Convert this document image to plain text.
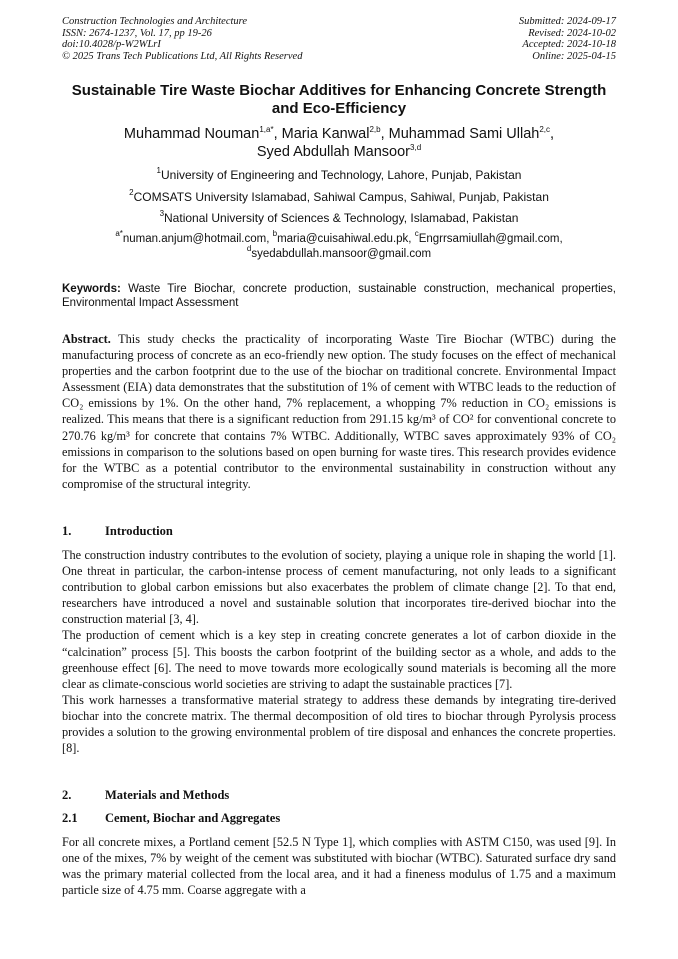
Construction Technologies and Architecture
ISSN: 2674-1237, Vol. 17, pp 19-26
doi:10.4028/p-W2WLrI
© 2025 Trans Tech Publications Ltd, All Rights Reserved
Submitted: 2024-09-17
Revised: 2024-10-02
Accepted: 2024-10-18
Online: 2025-04-15
Sustainable Tire Waste Biochar Additives for Enhancing Concrete Strength and Eco-Efficiency
Muhammad Nouman$^{1,a*}$, Maria Kanwal$^{2,b}$, Muhammad Sami Ullah$^{2,c}$,
Syed Abdullah Mansoor$^{3,d}$
$^1$University of Engineering and Technology, Lahore, Punjab, Pakistan
$^2$COMSATS University Islamabad, Sahiwal Campus, Sahiwal, Punjab, Pakistan
$^3$National University of Sciences & Technology, Islamabad, Pakistan
$^{a*}$numan.anjum@hotmail.com, $^b$maria@cuisahiwal.edu.pk, $^c$Engrrsamiullah@gmail.com,
$^d$syedabdullah.mansoor@gmail.com
Keywords: Waste Tire Biochar, concrete production, sustainable construction, mechanical properties, Environmental Impact Assessment
Abstract. This study checks the practicality of incorporating Waste Tire Biochar (WTBC) during the manufacturing process of concrete as an eco-friendly new option. The study focuses on the effect of mechanical properties and the carbon footprint due to the use of the biochar on traditional concrete. Environmental Impact Assessment (EIA) data demonstrates that the substitution of 1% of cement with WTBC leads to the reduction of CO₂ emissions by 1%. On the other hand, 7% replacement, a whopping 7% reduction in CO₂ emissions is realized. This means that there is a significant reduction from 291.15 kg/m³ of CO² for conventional concrete to 270.76 kg/m³ for concrete that contains 7% WTBC. Additionally, WTBC saves approximately 93% of CO₂ emissions in comparison to the solutions based on open burning for waste tires. This research provides evidence for the WTBC as a potential contributor to the environmental sustainability in construction without any compromise of the structural integrity.
1.	Introduction

The construction industry contributes to the evolution of society, playing a unique role in shaping the world [1]. One threat in particular, the carbon-intense process of cement manufacturing, not only leads to a significant contribution to global carbon emissions but also exacerbates the problem of climate change [2]. To that end, researchers have introduced a novel and sustainable solution that incorporates tire-derived biochar into the construction material [3, 4].

The production of cement which is a key step in creating concrete generates a lot of carbon dioxide in the “calcination” process [5]. This boosts the carbon footprint of the building sector as a whole, and adds to the greenhouse effect [6]. The need to move towards more ecologically sound materials is becoming all the more clear as climate-conscious world societies are striving to adapt the sustainable practices [7].

This work harnesses a transformative material strategy to address these demands by integrating tire-derived biochar into the concrete matrix. The thermal decomposition of old tires to biochar through Pyrolysis process provides a solution to the growing environmental problem of tire disposal and enhances the concrete properties. [8].

2.	Materials and Methods
2.1 Cement, Biochar and Aggregates

For all concrete mixes, a Portland cement [52.5 N Type 1], which complies with ASTM C150, was used [9]. In one of the mixes, 7% by weight of the cement was substituted with biochar (WTBC). Saturated surface dry sand was the primary material collected from the local area, and it had a fineness modulus of 1.75 and a maximum particle size of 4.75 mm. Coarse aggregate with a
